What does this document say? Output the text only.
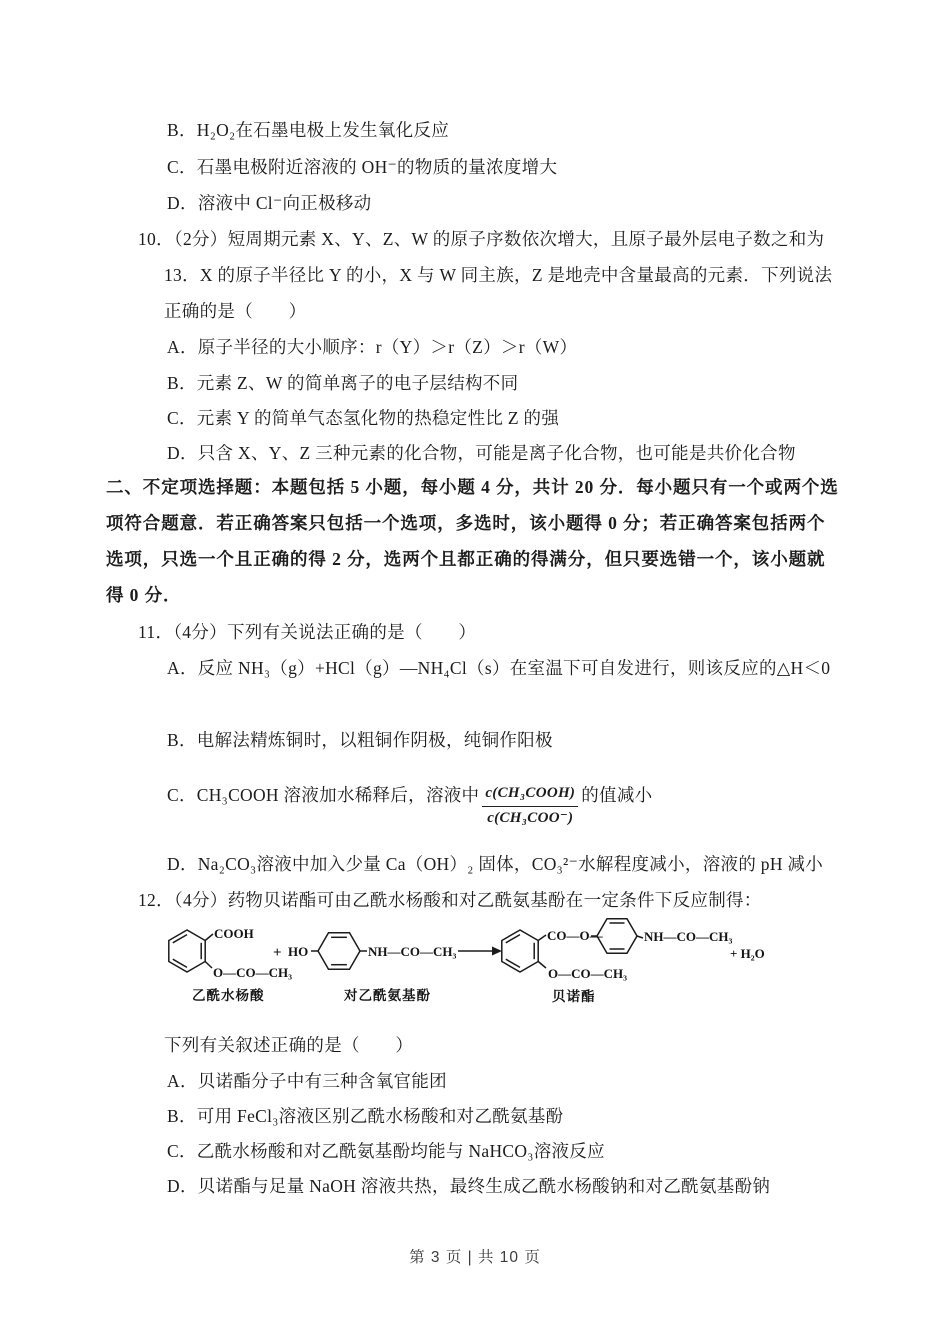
B．H₂O₂在石墨电极上发生氧化反应
C．石墨电极附近溶液的 OH⁻的物质的量浓度增大
D．溶液中 Cl⁻向正极移动
10．（2分）短周期元素 X、Y、Z、W 的原子序数依次增大，且原子最外层电子数之和为
13．X 的原子半径比 Y 的小，X 与 W 同主族，Z 是地壳中含量最高的元素．下列说法
正确的是（　　）
A．原子半径的大小顺序：r（Y）＞r（Z）＞r（W）
B．元素 Z、W 的简单离子的电子层结构不同
C．元素 Y 的简单气态氢化物的热稳定性比 Z 的强
D．只含 X、Y、Z 三种元素的化合物，可能是离子化合物，也可能是共价化合物
二、不定项选择题：本题包括 5 小题，每小题 4 分，共计 20 分．每小题只有一个或两个选
项符合题意．若正确答案只包括一个选项，多选时，该小题得 0 分；若正确答案包括两个
选项，只选一个且正确的得 2 分，选两个且都正确的得满分，但只要选错一个，该小题就
得 0 分．
11．（4分）下列有关说法正确的是（　　）
A．反应 NH₃（g）+HCl（g）—NH₄Cl（s）在室温下可自发进行，则该反应的△H＜0
B．电解法精炼铜时，以粗铜作阴极，纯铜作阳极
C．CH₃COOH 溶液加水稀释后，溶液中 $\frac{\text{c(CH₃COOH)}}{\text{c(CH₃COO⁻)}}$ 的值减小
D．Na₂CO₃溶液中加入少量 Ca（OH）₂ 固体，CO₃²⁻水解程度减小，溶液的 pH 减小
12．（4分）药物贝诺酯可由乙酰水杨酸和对乙酰氨基酚在一定条件下反应制得：
COOH
O—CO—CH₃
乙酰水杨酸
+ HO	NH—CO—CH₃
对乙酰氨基酚
CO—O—	NH—CO—CH₃
O—CO—CH₃
贝诺酯
+ H₂O
下列有关叙述正确的是（　　）
A．贝诺酯分子中有三种含氧官能团
B．可用 FeCl₃溶液区别乙酰水杨酸和对乙酰氨基酚
C．乙酰水杨酸和对乙酰氨基酚均能与 NaHCO₃溶液反应
D．贝诺酯与足量 NaOH 溶液共热，最终生成乙酰水杨酸钠和对乙酰氨基酚钠
第 3 页 | 共 10 页
